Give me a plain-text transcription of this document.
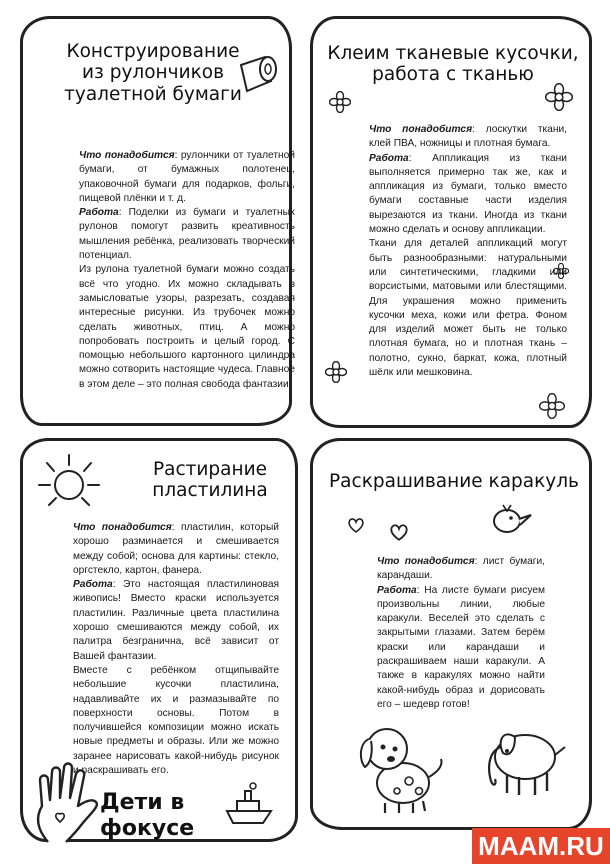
Конструирование из рулончиков туалетной бумаги

Что понадобится: рулончики от туалетной бумаги, от бумажных полотенец, упаковочной бумаги для подарков, фольги, пищевой плёнки и т. д.

Работа: Поделки из бумаги и туалетных рулонов помогут развить креативность мышления ребёнка, реализовать творческий потенциал.

Из рулона туалетной бумаги можно создать всё что угодно. Их можно складывать в замысловатые узоры, разрезать, создавая интересные рисунки. Из трубочек можно сделать животных, птиц. А можно попробовать построить и целый город. С помощью небольшого картонного цилиндра можно сотворить настоящие чудеса. Главное в этом деле – это полная свобода фантазии.

Клеим тканевые кусочки, работа с тканью

Что понадобится: лоскутки ткани, клей ПВА, ножницы и плотная бумага.

Работа: Аппликация из ткани выполняется примерно так же, как и аппликация из бумаги, только вместо бумаги составные части изделия вырезаются из ткани. Иногда из ткани можно сделать и основу аппликации.

Ткани для деталей аппликаций могут быть разнообразными: натуральными или синтетическими, гладкими или ворсистыми, матовыми или блестящими. Для украшения можно применить кусочки меха, кожи или фетра. Фоном для изделий может быть не только плотная бумага, но и плотная ткань – полотно, сукно, баркат, кожа, плотный шёлк или мешковина.

Растирание пластилина

Что понадобится: пластилин, который хорошо разминается и смешивается между собой; основа для картины: стекло, оргстекло, картон, фанера.

Работа: Это настоящая пластилиновая живопись! Вместо краски используется пластилин. Различные цвета пластилина хорошо смешиваются между собой, их палитра безгранична, всё зависит от Вашей фантазии.

Вместе с ребёнком отщипывайте небольшие кусочки пластилина, надавливайте их и размазывайте по поверхности основы. Потом в получившейся композиции можно искать новые предметы и образы. Или же можно заранее нарисовать какой-нибудь рисунок и раскрашивать его.

Раскрашивание каракуль

Что понадобится: лист бумаги, карандаши.

Работа: На листе бумаги рисуем произвольны линии, любые каракули. Веселей это сделать с закрытыми глазами. Затем берём краски или карандаши и раскрашиваем наши каракули. А также в каракулях можно найти какой-нибудь образ и дорисовать его – шедевр готов!

Дети в
фокусе
MAAM.RU
